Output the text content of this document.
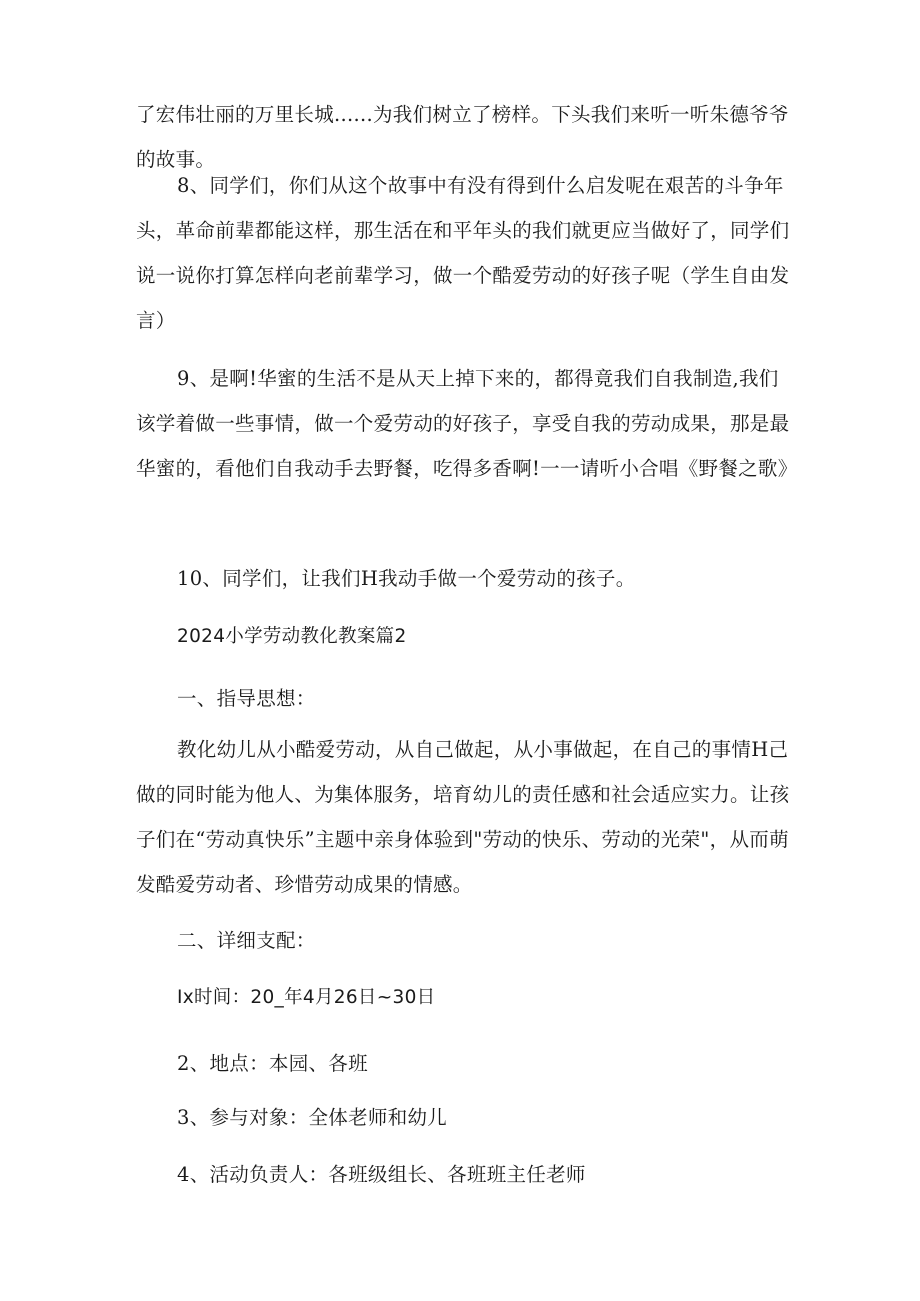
了宏伟壮丽的万里长城......为我们树立了榜样。下头我们来听一听朱德爷爷的故事。

8、同学们，你们从这个故事中有没有得到什么启发呢在艰苦的斗争年头，革命前辈都能这样，那生活在和平年头的我们就更应当做好了，同学们说一说你打算怎样向老前辈学习，做一个酷爱劳动的好孩子呢（学生自由发言）

9、是啊!华蜜的生活不是从天上掉下来的，都得竟我们自我制造,我们该学着做一些事情，做一个爱劳动的好孩子，享受自我的劳动成果，那是最华蜜的，看他们自我动手去野餐，吃得多香啊!一一请听小合唱《野餐之歌》

10、同学们，让我们H我动手做一个爱劳动的孩子。

2024小学劳动教化教案篇2

一、指导思想：

教化幼儿从小酷爱劳动，从自己做起，从小事做起，在自己的事情H己做的同时能为他人、为集体服务，培育幼儿的责任感和社会适应实力。让孩子们在“劳动真快乐”主题中亲身体验到"劳动的快乐、劳动的光荣"，从而萌发酷爱劳动者、珍惜劳动成果的情感。

二、详细支配：

Ix时间：20_年4月26日~30日

2、地点：本园、各班

3、参与对象：全体老师和幼儿

4、活动负责人：各班级组长、各班班主任老师
